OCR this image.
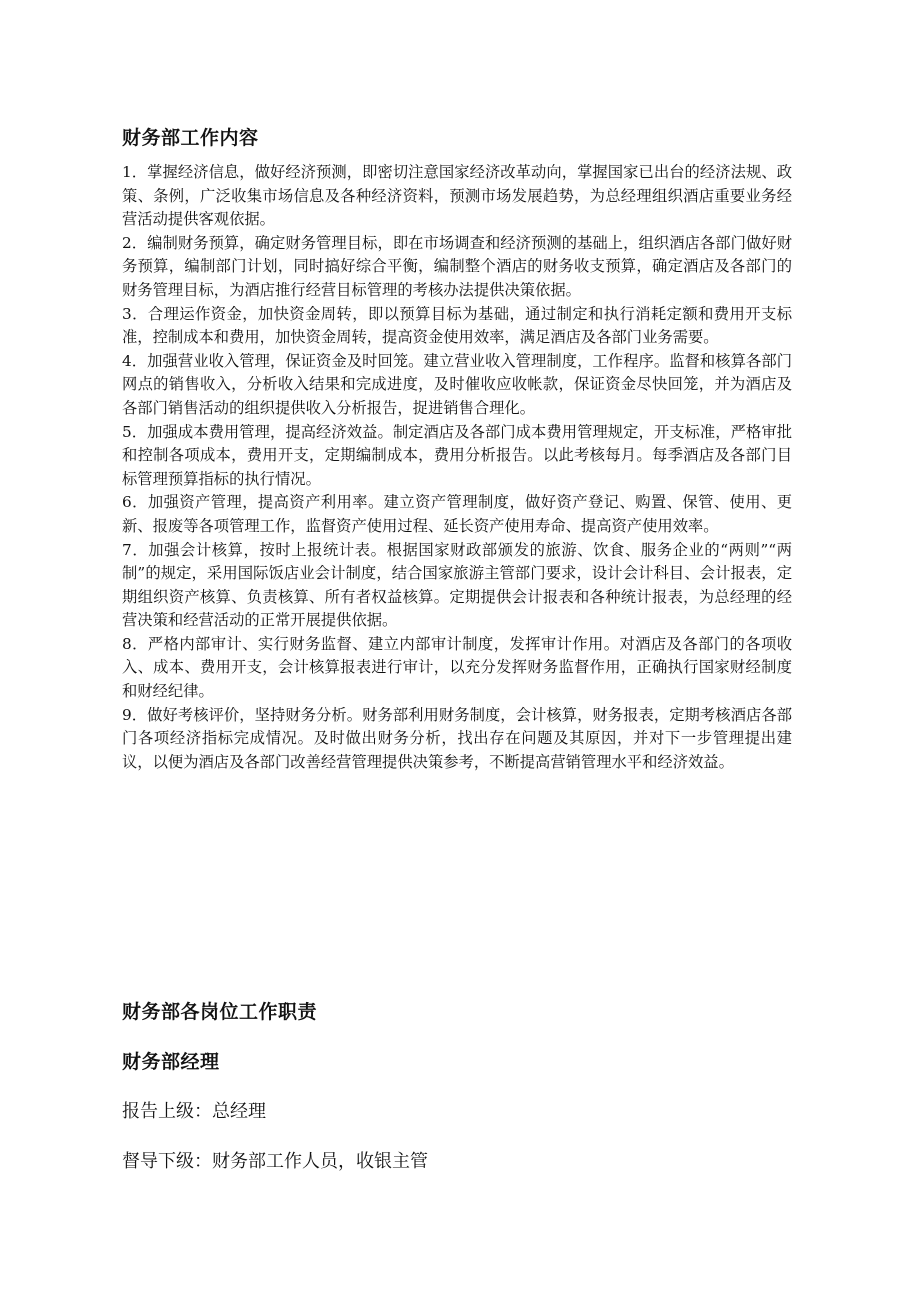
财务部工作内容

1．掌握经济信息，做好经济预测，即密切注意国家经济改革动向，掌握国家已出台的经济法规、政策、条例，广泛收集市场信息及各种经济资料，预测市场发展趋势，为总经理组织酒店重要业务经营活动提供客观依据。

2．编制财务预算，确定财务管理目标，即在市场调查和经济预测的基础上，组织酒店各部门做好财务预算，编制部门计划，同时搞好综合平衡，编制整个酒店的财务收支预算，确定酒店及各部门的财务管理目标，为酒店推行经营目标管理的考核办法提供决策依据。

3．合理运作资金，加快资金周转，即以预算目标为基础，通过制定和执行消耗定额和费用开支标准，控制成本和费用，加快资金周转，提高资金使用效率，满足酒店及各部门业务需要。

4．加强营业收入管理，保证资金及时回笼。建立营业收入管理制度，工作程序。监督和核算各部门网点的销售收入，分析收入结果和完成进度，及时催收应收帐款，保证资金尽快回笼，并为酒店及各部门销售活动的组织提供收入分析报告，捉进销售合理化。

5．加强成本费用管理，提高经济效益。制定酒店及各部门成本费用管理规定，开支标准，严格审批和控制各项成本，费用开支，定期编制成本，费用分析报告。以此考核每月。每季酒店及各部门目标管理预算指标的执行情况。

6．加强资产管理，提高资产利用率。建立资产管理制度，做好资产登记、购置、保管、使用、更新、报废等各项管理工作，监督资产使用过程、延长资产使用寿命、提高资产使用效率。

7．加强会计核算，按时上报统计表。根据国家财政部颁发的旅游、饮食、服务企业的“两则”“两制”的规定，采用国际饭店业会计制度，结合国家旅游主管部门要求，设计会计科目、会计报表，定期组织资产核算、负责核算、所有者权益核算。定期提供会计报表和各种统计报表，为总经理的经营决策和经营活动的正常开展提供依据。

8．严格内部审计、实行财务监督、建立内部审计制度，发挥审计作用。对酒店及各部门的各项收入、成本、费用开支，会计核算报表进行审计，以充分发挥财务监督作用，正确执行国家财经制度和财经纪律。

9．做好考核评价，坚持财务分析。财务部利用财务制度，会计核算，财务报表，定期考核酒店各部门各项经济指标完成情况。及时做出财务分析，找出存在问题及其原因，并对下一步管理提出建议，以便为酒店及各部门改善经营管理提供决策参考，不断提高营销管理水平和经济效益。

财务部各岗位工作职责
财务部经理
报告上级：总经理
督导下级：财务部工作人员，收银主管
